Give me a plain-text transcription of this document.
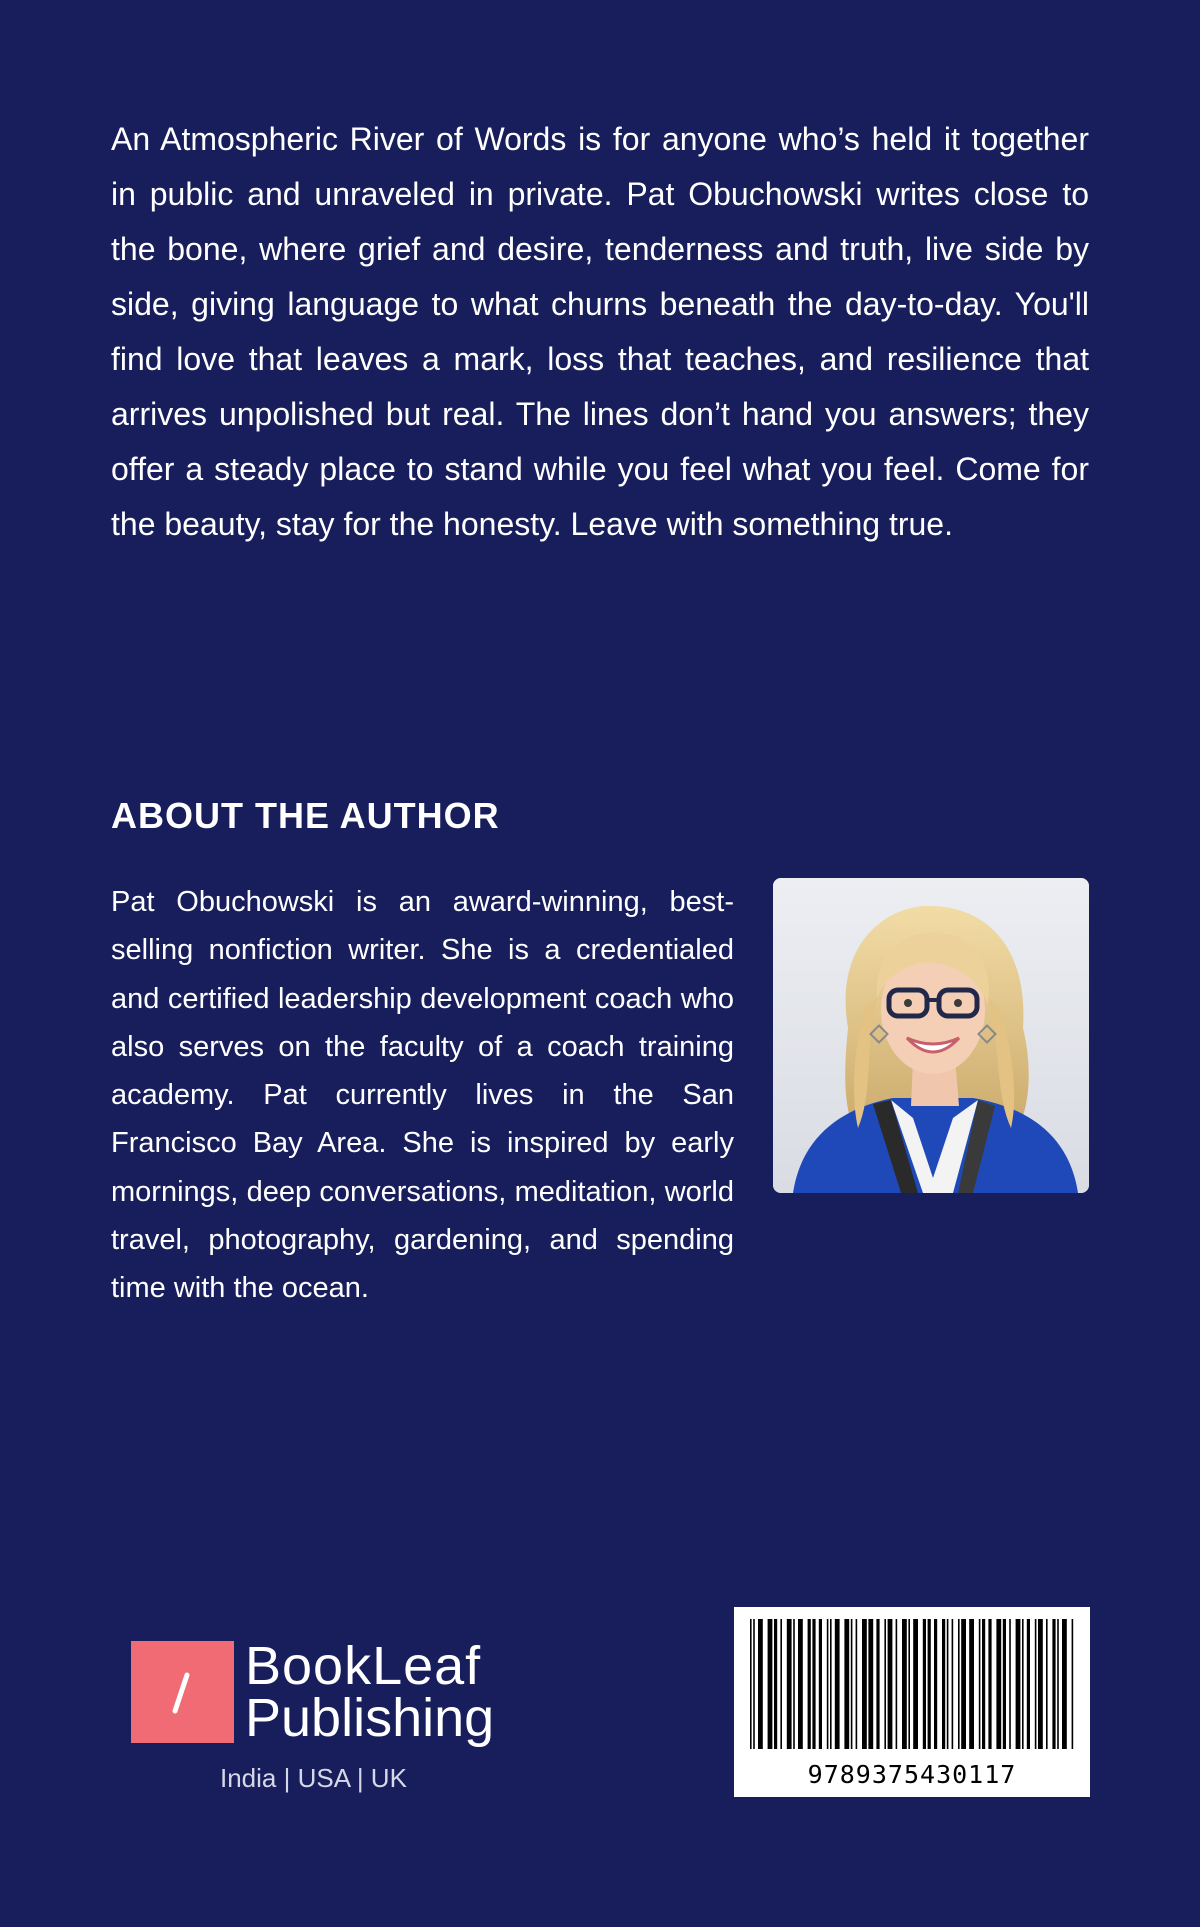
An Atmospheric River of Words is for anyone who’s held it together in public and unraveled in private. Pat Obuchowski writes close to the bone, where grief and desire, tenderness and truth, live side by side, giving language to what churns beneath the day-to-day. You'll find love that leaves a mark, loss that teaches, and resilience that arrives unpolished but real. The lines don’t hand you answers; they offer a steady place to stand while you feel what you feel. Come for the beauty, stay for the honesty. Leave with something true.

ABOUT THE AUTHOR

Pat Obuchowski is an award-winning, best-selling nonfiction writer. She is a credentialed and certified leadership development coach who also serves on the faculty of a coach training academy. Pat currently lives in the San Francisco Bay Area. She is inspired by early mornings, deep conversations, meditation, world travel, photography, gardening, and spending time with the ocean.

BookLeaf
Publishing
India | USA | UK	9789375430117
